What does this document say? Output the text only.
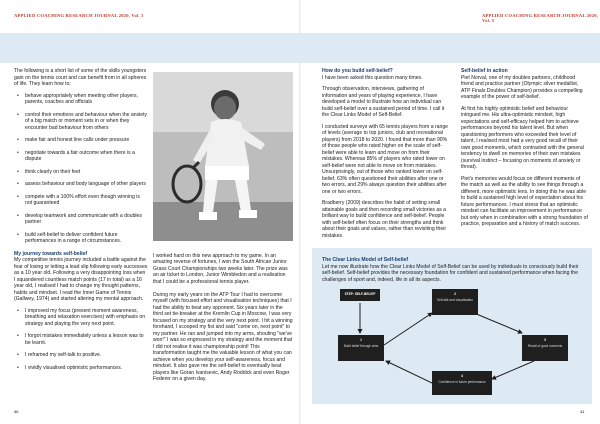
APPLIED COACHING RESEARCH JOURNAL 2020, Vol. 5	APPLIED COACHING RESEARCH JOURNAL 2020, Vol. 5

The following is a short list of some of the skills youngsters gain on the tennis court and can benefit from in all spheres of life. They learn how to:

• behave appropriately when meeting other players, parents, coaches and officials
• control their emotions and behaviour when the anxiety of a big match or moment sets in or when they encounter bad behaviour from others
• make fair and honest line calls under pressure
• negotiate towards a fair outcome when there is a dispute
• think clearly on their feet
• assess behaviour and body language of other players
• compete with a 100% effort even though winning is not guaranteed
• develop teamwork and communicate with a doubles partner
• build self-belief to deliver confident future performances in a range of circumstances.
My journey towards self-belief

My competitive tennis journey included a battle against the fear of losing or letting a lead slip following early successes as a 10 year old. Following a very disappointing loss when I squandered countless match points (17 in total) as a 16 year old, I realised I had to change my thought patterns, habits and mindset. I read the Inner Game of Tennis (Gallwey, 1974) and started altering my mental approach.

• I improved my focus (present moment awareness, breathing and relaxation exercises) with emphasis on strategy and playing the very next point.
• I forgot mistakes immediately unless a lesson was to be learnt.
• I reframed my self-talk to positive.
• I vividly visualised optimistic performances.

I worked hard on this new approach to my game. In an amazing reverse of fortunes, I won the South African Junior Grass Court Championships two weeks later. The prize was an air ticket to London, Junior Wimbledon and a realisation that I could be a professional tennis player.

During my early years on the ATP Tour I had to overcome myself (with focused effort and visualisation techniques) that I had the ability to beat any opponent. Six years later in the third set tie-breaker at the Kremlin Cup in Moscow, I was very focused on my strategy and the very next point. I hit a winning forehand, I scooped my fist and said "come on, next point" to my partner. He ran and jumped into my arms, shouting "we've won!" I was so engrossed in my strategy and the moment that I did not realise it was championship point! This transformation taught me the valuable lesson of what you can achieve when you develop your self-awareness, focus and mindset. It also gave me the self-belief to eventually beat players like Goran Ivanisevic, Andy Roddick and even Roger Federer on a given day.

How do you build self-belief?

I have been asked this question many times.

Through observation, interviews, gathering of information and years of playing experience, I have developed a model to illustrate how an individual can build self-belief over a sustained period of time. I call it the Clear Links Model of Self-Belief.

I conducted surveys with 65 tennis players from a range of levels (average to top juniors, club and recreational players) from 2018 to 2020. I found that more than 90% of those people who rated higher on the scale of self-belief were able to learn and move on from their mistakes. Whereas 85% of players who rated lower on self-belief were not able to move on from mistakes. Unsurprisingly, out of those who ranked lower on self-belief, 63% often questioned their abilities after one or two errors, and 29% always question their abilities after one or two errors.

Bradberry (2009) describes the habit of setting small attainable goals and then recording small victories as a brilliant way to build confidence and self-belief. People with self-belief often focus on their strengths and think about their goals and values, rather than revisiting their mistakes.

Self-belief in action

Piet Norval, one of my doubles partners, childhood friend and practice partner (Olympic silver medallist, ATP Finals Doubles Champion) provides a compelling example of the power of self-belief.

At first his highly optimistic belief and behaviour intrigued me. His ultra-optimistic mindset, high expectations and self-efficacy helped him to achieve performances beyond his talent level. But when questioning performers who exceeded their level of talent, I realised most had a very good recall of their own good moments, which contrasted with the general tendency to dwell on memories of their own mistakes (survival instinct – focusing on moments of anxiety or threat).

Piet's memories would focus on different moments of the match as well as the ability to see things through a different, more optimistic lens. In doing this he was able to build a sustained high level of expectation about his future performances. I must stress that an optimistic mindset can facilitate an improvement in performance but only when in combination with a strong foundation of practice, preparation and a history of match success.

The Clear Links Model of Self-belief
Let me now illustrate how the Clear Links Model of Self-Belief can be used by individuals to consciously build their self-belief. Self-belief provides the necessary foundation for confident and sustained performance when facing the challenges of sport and, indeed, life in all its aspects.
STEP: SELF-BELIEF
1
Build belief through wins
2
Self-talk and visualisation
3
Recall of good moments
4
Confidence in future performance
40	41
